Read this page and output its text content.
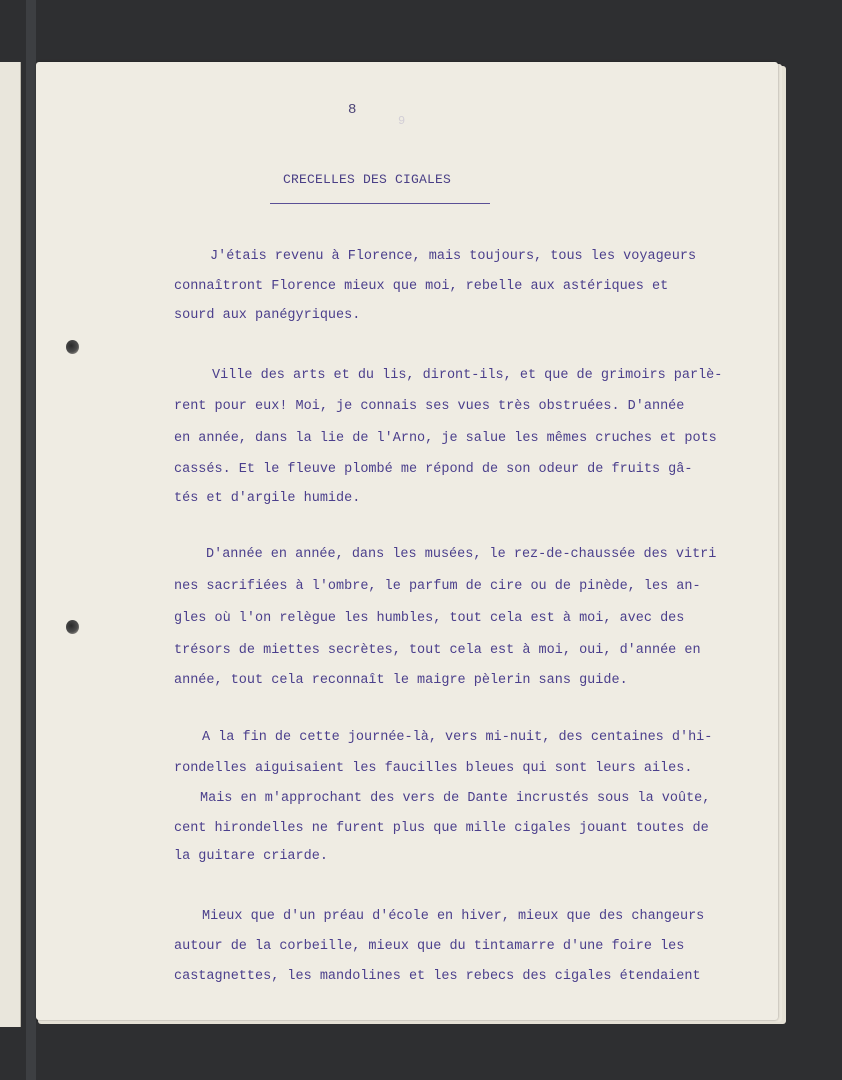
8
9
CRECELLES DES CIGALES
J'étais revenu à Florence, mais toujours, tous les voyageurs
connaîtront Florence mieux que moi, rebelle aux astériques et
sourd aux panégyriques.
Ville des arts et du lis, diront-ils, et que de grimoirs parlè-
rent pour eux! Moi, je connais ses vues très obstruées. D'année
en année, dans la lie de l'Arno, je salue les mêmes cruches et pots
cassés. Et le fleuve plombé me répond de son odeur de fruits gâ-
tés et d'argile humide.
D'année en année, dans les musées, le rez-de-chaussée des vitri
nes sacrifiées à l'ombre, le parfum de cire ou de pinède, les an-
gles où l'on relègue les humbles, tout cela est à moi, avec des
trésors de miettes secrètes, tout cela est à moi, oui, d'année en
année, tout cela reconnaît le maigre pèlerin sans guide.
A la fin de cette journée-là, vers mi-nuit, des centaines d'hi-
rondelles aiguisaient les faucilles bleues qui sont leurs ailes.
Mais en m'approchant des vers de Dante incrustés sous la voûte,
cent hirondelles ne furent plus que mille cigales jouant toutes de
la guitare criarde.
Mieux que d'un préau d'école en hiver, mieux que des changeurs
autour de la corbeille, mieux que du tintamarre d'une foire les
castagnettes, les mandolines et les rebecs des cigales étendaient
